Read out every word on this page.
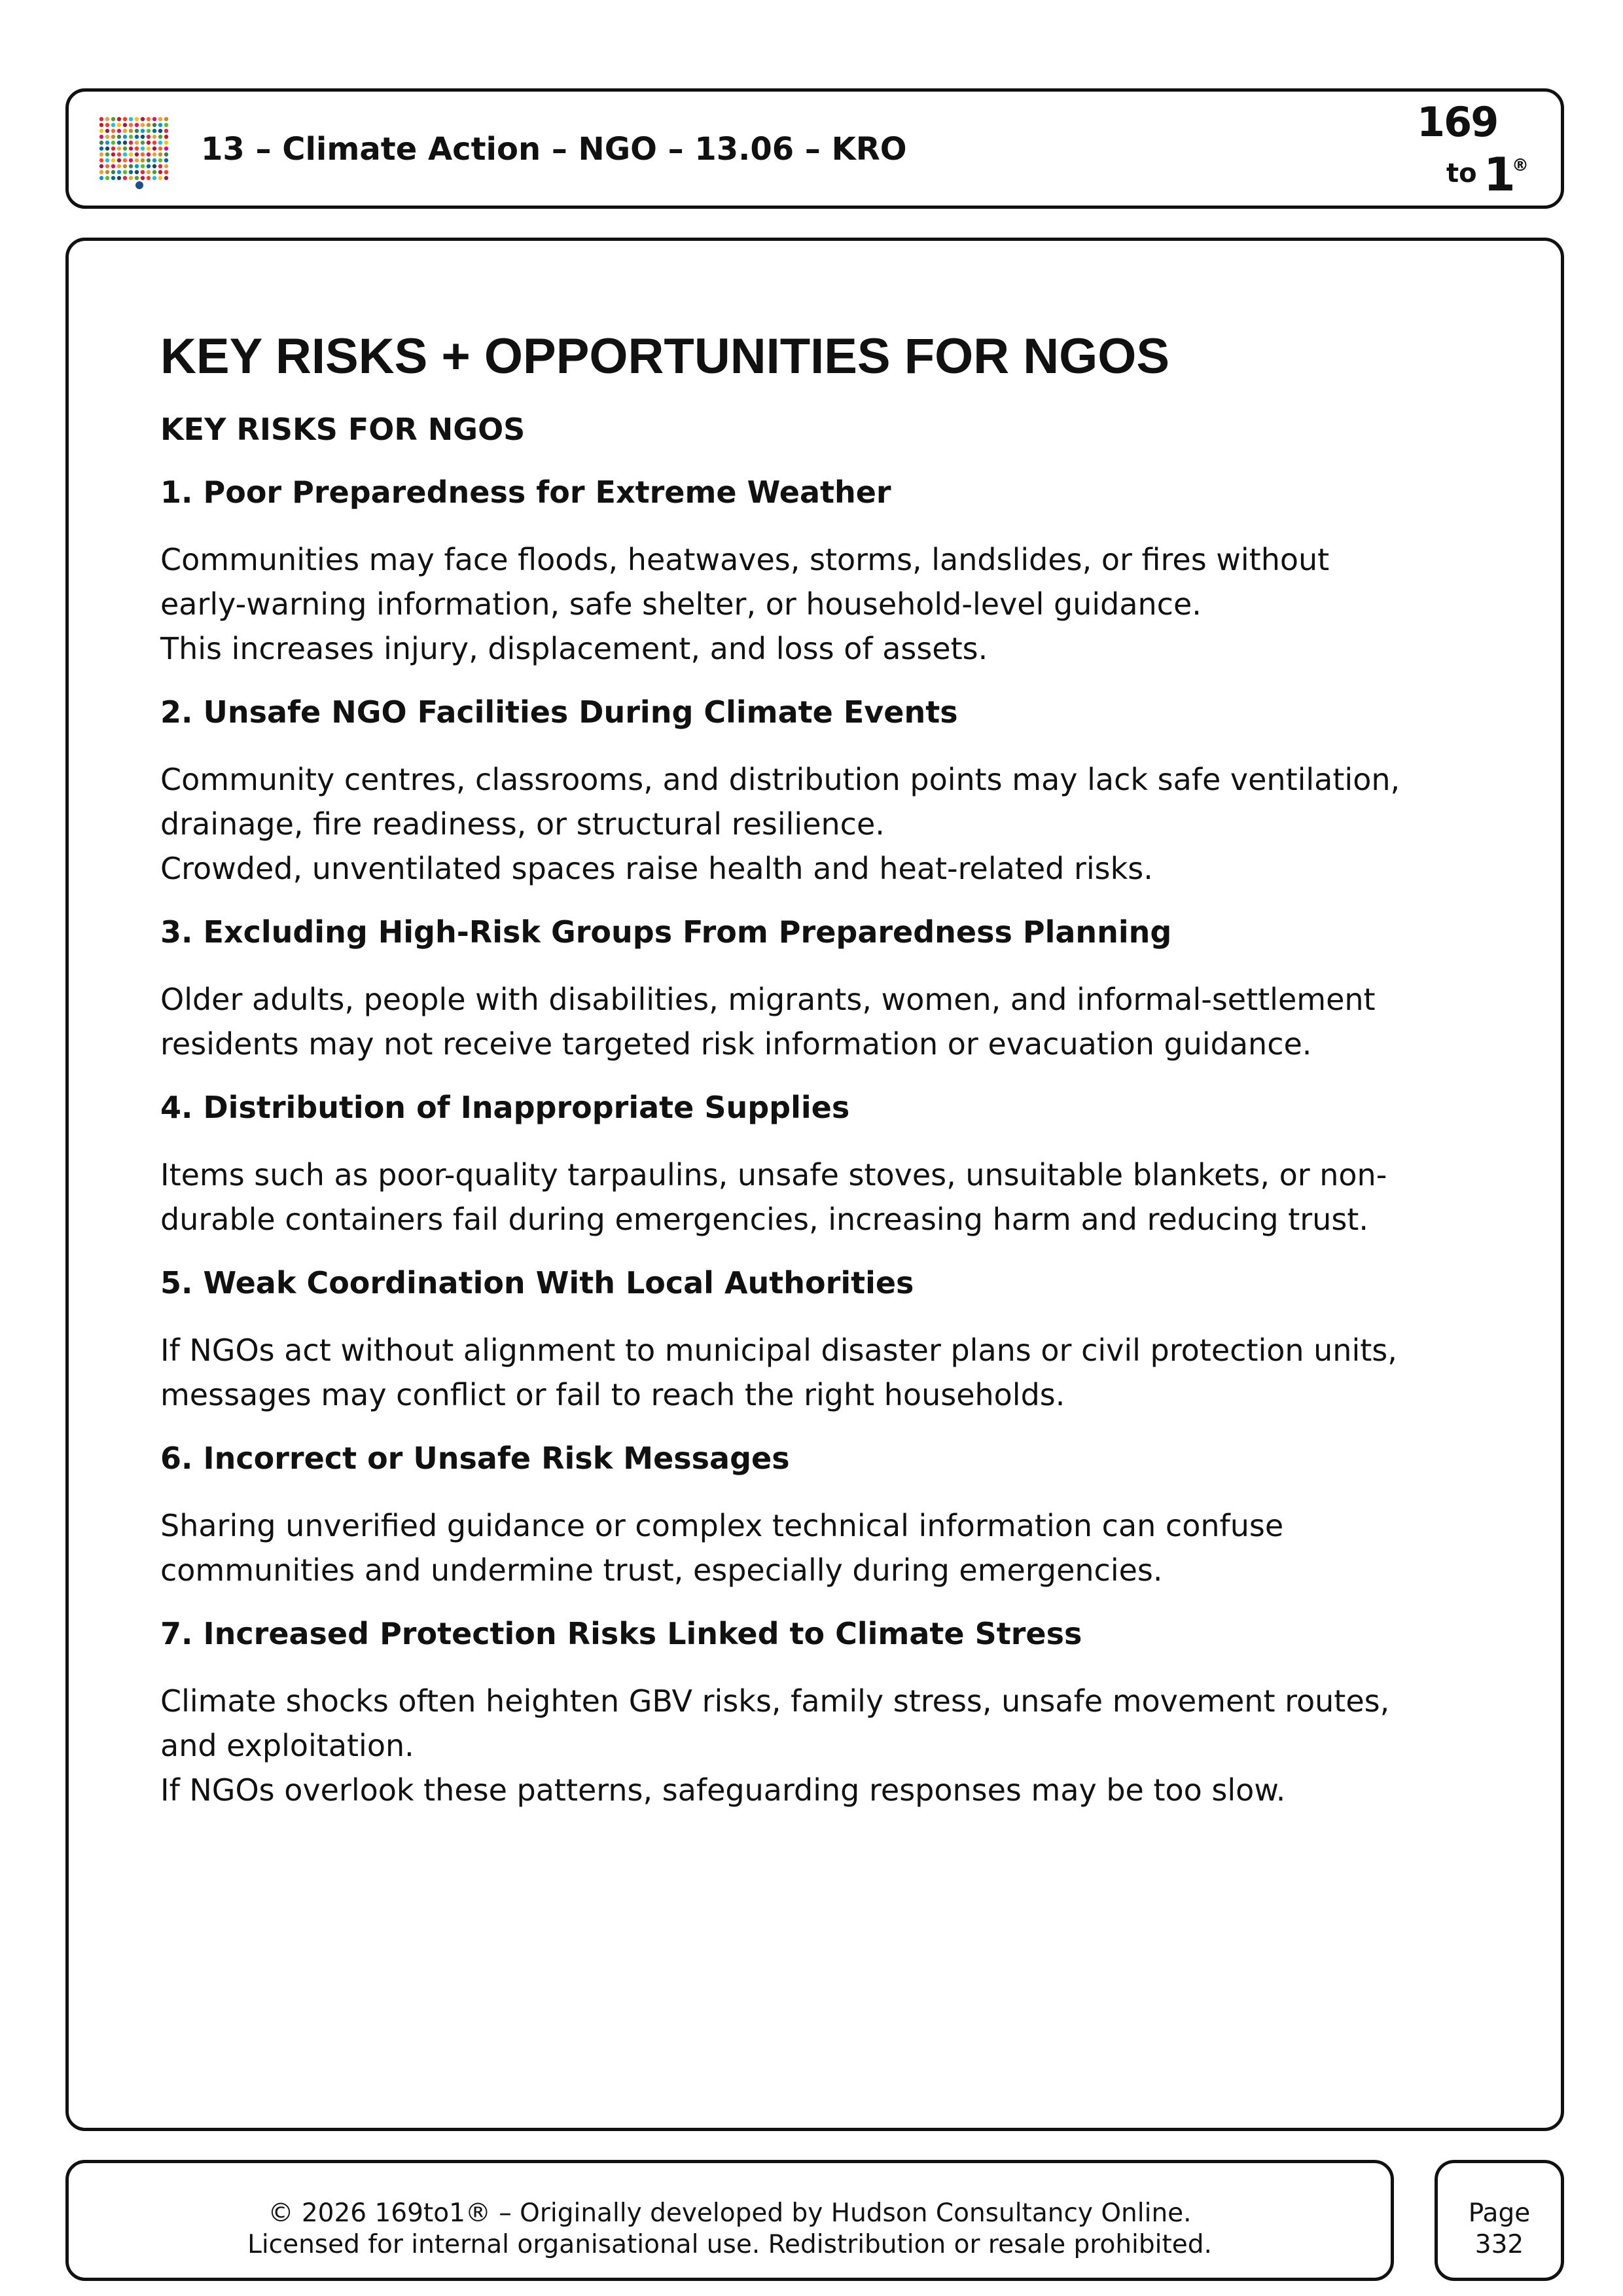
13 – Climate Action – NGO – 13.06 – KRO
169
to 1
®
KEY RISKS + OPPORTUNITIES FOR NGOS
KEY RISKS FOR NGOS
1. Poor Preparedness for Extreme Weather
Communities may face floods, heatwaves, storms, landslides, or fires without
early-warning information, safe shelter, or household-level guidance.
This increases injury, displacement, and loss of assets.
2. Unsafe NGO Facilities During Climate Events
Community centres, classrooms, and distribution points may lack safe ventilation,
drainage, fire readiness, or structural resilience.
Crowded, unventilated spaces raise health and heat-related risks.
3. Excluding High-Risk Groups From Preparedness Planning
Older adults, people with disabilities, migrants, women, and informal-settlement
residents may not receive targeted risk information or evacuation guidance.
4. Distribution of Inappropriate Supplies
Items such as poor-quality tarpaulins, unsafe stoves, unsuitable blankets, or non-
durable containers fail during emergencies, increasing harm and reducing trust.
5. Weak Coordination With Local Authorities
If NGOs act without alignment to municipal disaster plans or civil protection units,
messages may conflict or fail to reach the right households.
6. Incorrect or Unsafe Risk Messages
Sharing unverified guidance or complex technical information can confuse
communities and undermine trust, especially during emergencies.
7. Increased Protection Risks Linked to Climate Stress
Climate shocks often heighten GBV risks, family stress, unsafe movement routes,
and exploitation.
If NGOs overlook these patterns, safeguarding responses may be too slow.
© 2026 169to1® – Originally developed by Hudson Consultancy Online.
Licensed for internal organisational use. Redistribution or resale prohibited.
Page
332
